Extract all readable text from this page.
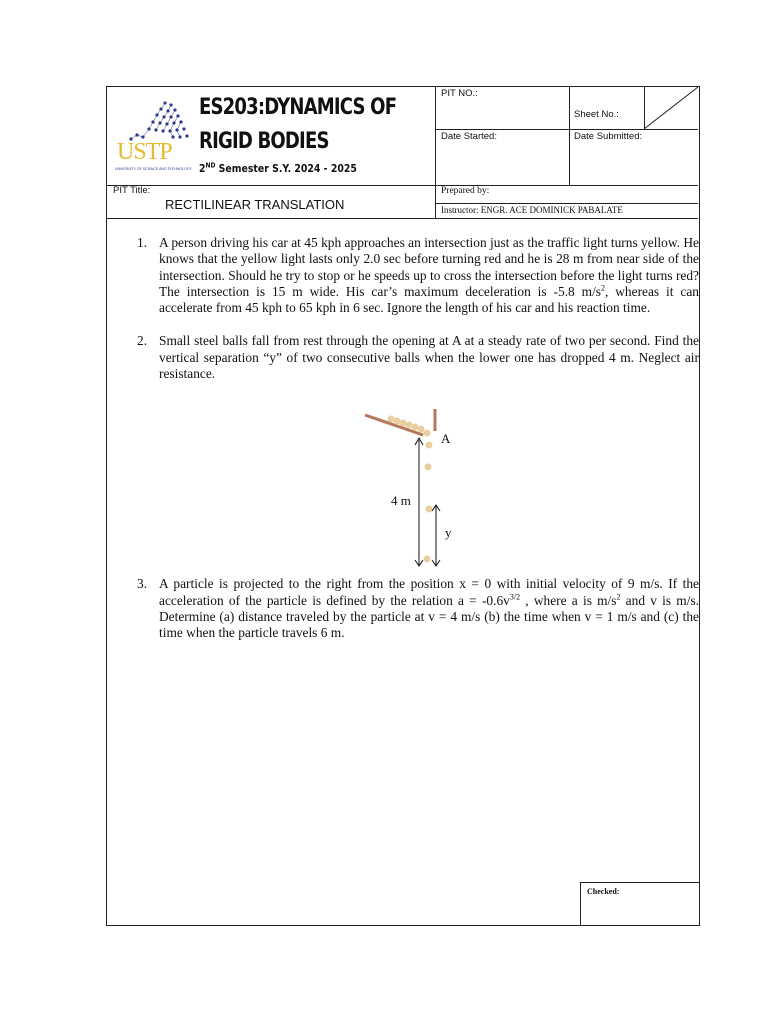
USTP
UNIVERSITY OF SCIENCE AND TECHNOLOGY
ES203:DYNAMICS OF
RIGID BODIES
2ND Semester S.Y. 2024 - 2025
PIT NO.:
Sheet No.:
Date Started:	Date Submitted:
PIT Title:
RECTILINEAR TRANSLATION
Prepared by:
Instructor: ENGR. ACE DOMINICK PABALATE
1. A person driving his car at 45 kph approaches an intersection just as the traffic light turns yellow. He knows that the yellow light lasts only 2.0 sec before turning red and he is 28 m from near side of the intersection. Should he try to stop or he speeds up to cross the intersection before the light turns red? The intersection is 15 m wide. His car’s maximum deceleration is -5.8 $m/s^2$, whereas it can accelerate from 45 kph to 65 kph in 6 sec. Ignore the length of his car and his reaction time.
2. Small steel balls fall from rest through the opening at A at a steady rate of two per second. Find the vertical separation “y” of two consecutive balls when the lower one has dropped 4 m. Neglect air resistance.
3. A particle is projected to the right from the position x = 0 with initial velocity of 9 m/s. If the acceleration of the particle is defined by the relation $a = -0.6v^{3/2}$ , where a is $m/s^2$ and v is m/s. Determine (a) distance traveled by the particle at v = 4 m/s (b) the time when v = 1 m/s and (c) the time when the particle travels 6 m.
A
4 m
y
Checked:
